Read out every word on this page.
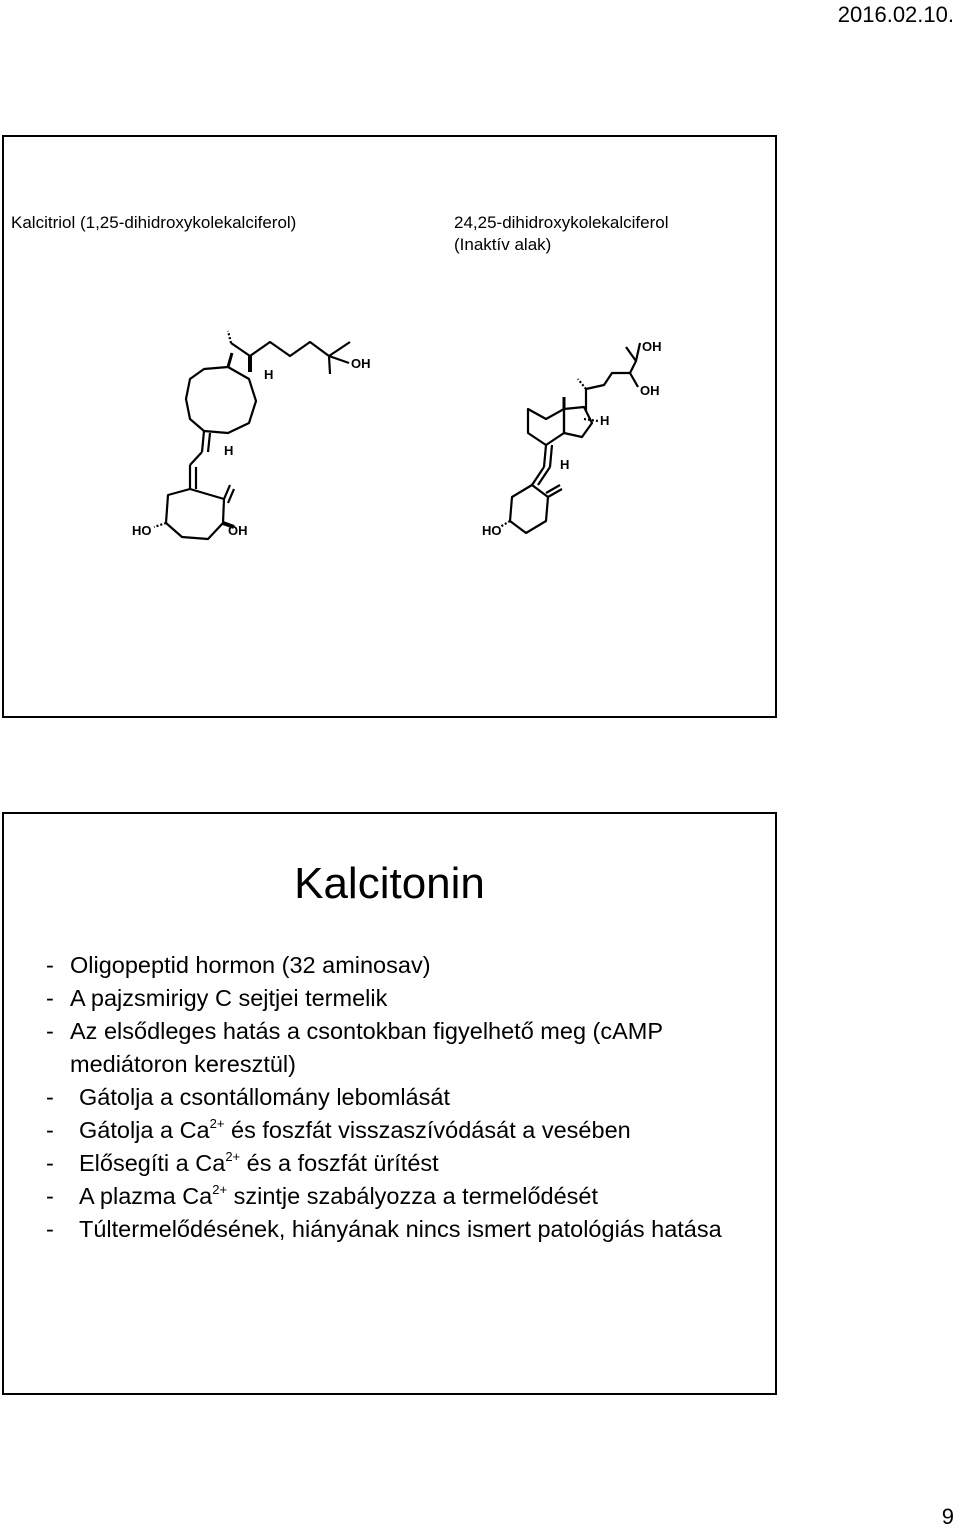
2016.02.10.
Kalcitriol (1,25-dihidroxykolekalciferol)	24,25-dihidroxykolekalciferol
(Inaktív alak)
OH
H
H
HO	OH
OH
OH
H
H
HO
Kalcitonin
- Oligopeptid hormon (32 aminosav)
- A pajzsmirigy C sejtjei termelik
- Az elsődleges hatás a csontokban figyelhető meg (cAMP mediátoron keresztül)
-	Gátolja a csontállomány lebomlását
-	Gátolja a $Ca^{2+}$ és foszfát visszaszívódását a vesében
-	Elősegíti a $Ca^{2+}$ és a foszfát ürítést
-	A plazma $Ca^{2+}$ szintje szabályozza a termelődését
-	Túltermelődésének, hiányának nincs ismert patológiás hatása
9
